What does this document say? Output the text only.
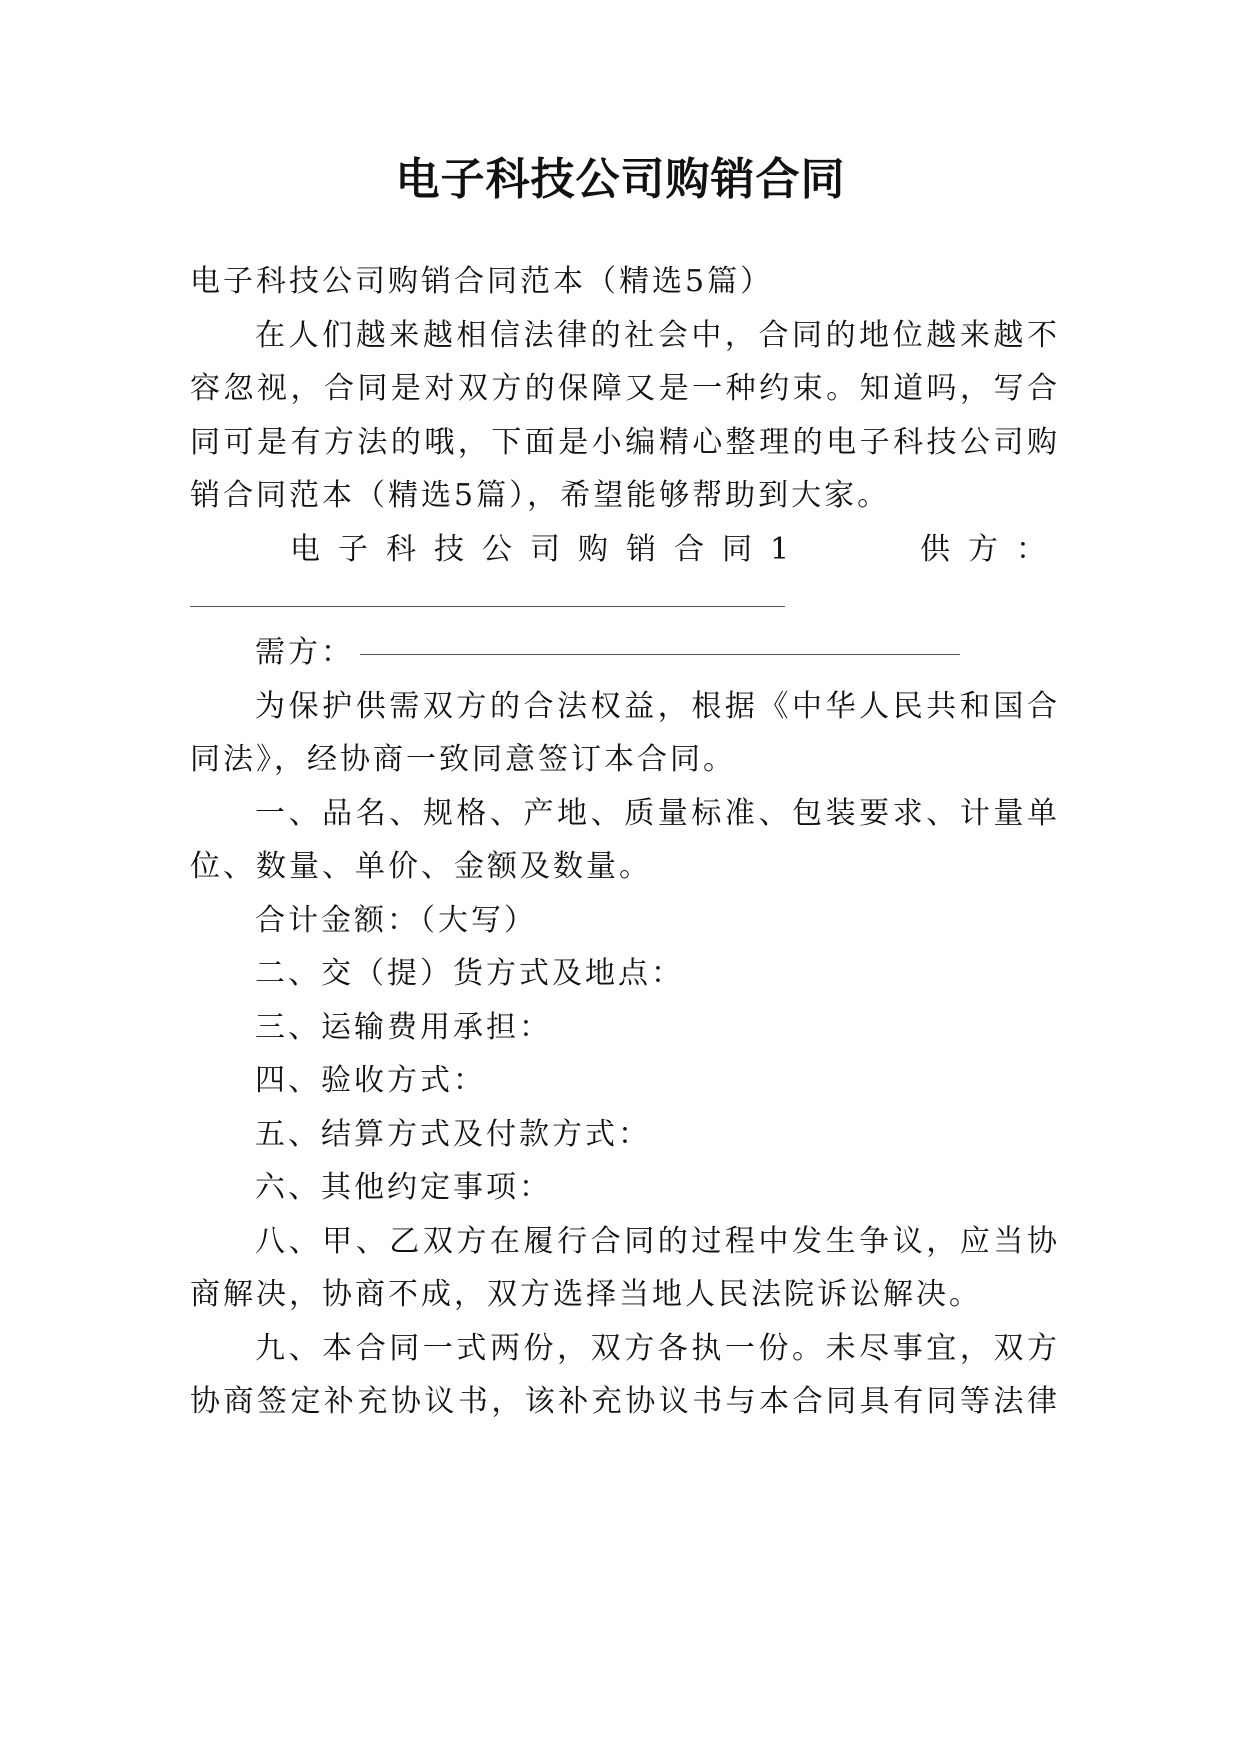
电子科技公司购销合同
电子科技公司购销合同范本（精选5篇）
在人们越来越相信法律的社会中，合同的地位越来越不
容忽视，合同是对双方的保障又是一种约束。知道吗，写合
同可是有方法的哦，下面是小编精心整理的电子科技公司购
销合同范本（精选5篇），希望能够帮助到大家。
电子科技公司购销合同1	供方：
需方：
为保护供需双方的合法权益，根据《中华人民共和国合
同法》，经协商一致同意签订本合同。
一、品名、规格、产地、质量标准、包装要求、计量单
位、数量、单价、金额及数量。
合计金额：（大写）
二、交（提）货方式及地点：
三、运输费用承担：
四、验收方式：
五、结算方式及付款方式：
六、其他约定事项：
八、甲、乙双方在履行合同的过程中发生争议，应当协
商解决，协商不成，双方选择当地人民法院诉讼解决。
九、本合同一式两份，双方各执一份。未尽事宜，双方
协商签定补充协议书，该补充协议书与本合同具有同等法律
